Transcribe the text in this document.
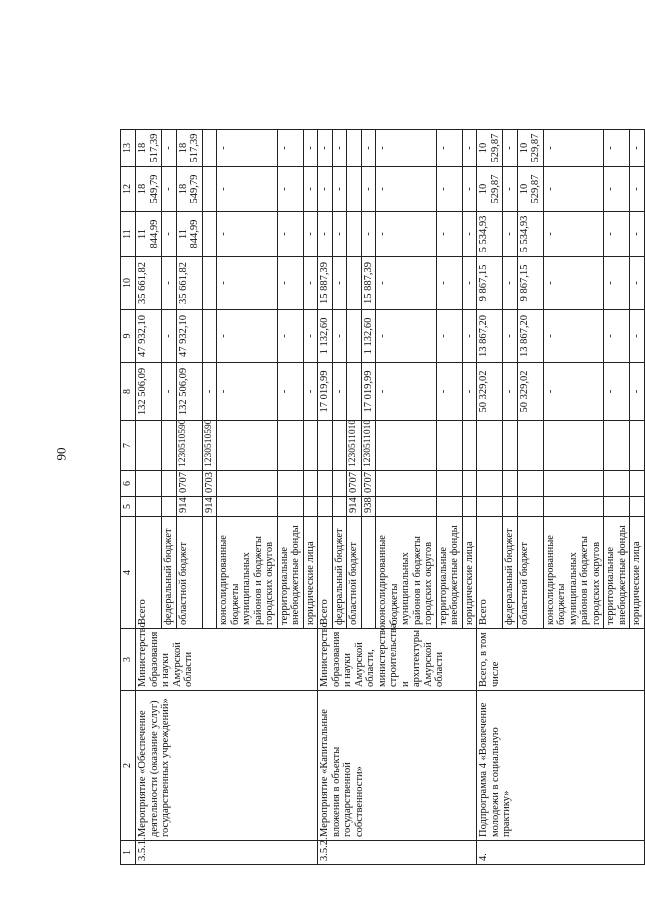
90
1	2	3	4	5	6	7	8	9	10	11	12	13
3.5.1.	Мероприятие «Обеспечение деятельности (оказание услуг) государственных учреждений»	Министерство образования и науки Амурской области	Всего				132 506,09	47 932,10	35 661,82	11 844,99	18 549,79	18 517,39
			федеральный бюджет				-	-	-	-	-	-
			областной бюджет	914	0707	1230510590	132 506,09	47 932,10	35 661,82	11 844,99	18 549,79	18 517,39
				914	0703	1230510590	-					
			консолидированные бюджеты муниципальных районов и бюджеты городских округов				-	-	-	-	-	-
			территориальные внебюджетные фонды				-	-	-	-	-	-
			юридические лица				-	-	-	-	-	-
3.5.2.	Мероприятие «Капитальные вложения в объекты государственной собственности»	Министерство образования и науки Амурской области, министерство строительства и архитектуры Амурской области	Всего				17 019,99	1 132,60	15 887,39	-	-	-
			федеральный бюджет				-	-	-	-	-	-
			областной бюджет	914	0707	1230511010						
				938	0707	1230511010	17 019,99	1 132,60	15 887,39	-	-	-
			консолидированные бюджеты муниципальных районов и бюджеты городских округов				-	-	-	-	-	-
			территориальные внебюджетные фонды				-	-	-	-	-	-
			юридические лица				-	-	-	-	-	-
4.	Подпрограмма 4 «Вовлечение молодежи в социальную практику»	Всего, в том числе	Всего				50 329,02	13 867,20	9 867,15	5 534,93	10 529,87	10 529,87
			федеральный бюджет				-	-	-	-	-	-
			областной бюджет				50 329,02	13 867,20	9 867,15	5 534,93	10 529,87	10 529,87
			консолидированные бюджеты муниципальных районов и бюджеты городских округов				-	-	-	-	-	-
			территориальные внебюджетные фонды				-	-	-	-	-	-
			юридические лица				-	-	-	-	-	-
